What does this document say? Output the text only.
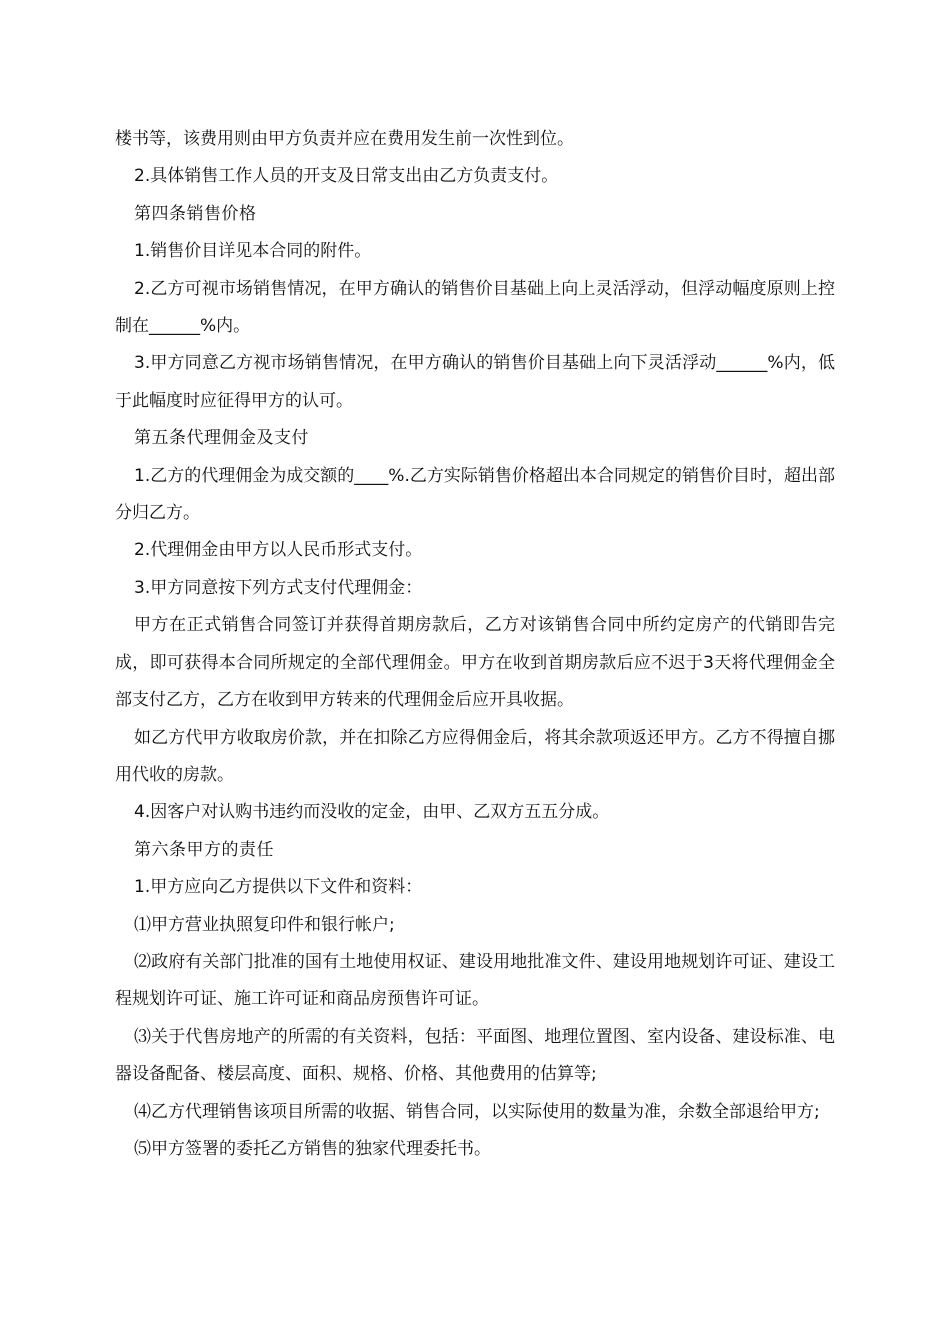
楼书等，该费用则由甲方负责并应在费用发生前一次性到位。

2.具体销售工作人员的开支及日常支出由乙方负责支付。

第四条销售价格

1.销售价目详见本合同的附件。

2.乙方可视市场销售情况，在甲方确认的销售价目基础上向上灵活浮动，但浮动幅度原则上控制在______%内。

3.甲方同意乙方视市场销售情况，在甲方确认的销售价目基础上向下灵活浮动______%内，低于此幅度时应征得甲方的认可。

第五条代理佣金及支付

1.乙方的代理佣金为成交额的____%.乙方实际销售价格超出本合同规定的销售价目时，超出部分归乙方。

2.代理佣金由甲方以人民币形式支付。

3.甲方同意按下列方式支付代理佣金：

甲方在正式销售合同签订并获得首期房款后，乙方对该销售合同中所约定房产的代销即告完成，即可获得本合同所规定的全部代理佣金。甲方在收到首期房款后应不迟于3天将代理佣金全部支付乙方，乙方在收到甲方转来的代理佣金后应开具收据。

如乙方代甲方收取房价款，并在扣除乙方应得佣金后，将其余款项返还甲方。乙方不得擅自挪用代收的房款。

4.因客户对认购书违约而没收的定金，由甲、乙双方五五分成。

第六条甲方的责任

1.甲方应向乙方提供以下文件和资料：

⑴甲方营业执照复印件和银行帐户;

⑵政府有关部门批准的国有土地使用权证、建设用地批准文件、建设用地规划许可证、建设工程规划许可证、施工许可证和商品房预售许可证。

⑶关于代售房地产的所需的有关资料，包括：平面图、地理位置图、室内设备、建设标准、电器设备配备、楼层高度、面积、规格、价格、其他费用的估算等;

⑷乙方代理销售该项目所需的收据、销售合同，以实际使用的数量为准，余数全部退给甲方;

⑸甲方签署的委托乙方销售的独家代理委托书。
